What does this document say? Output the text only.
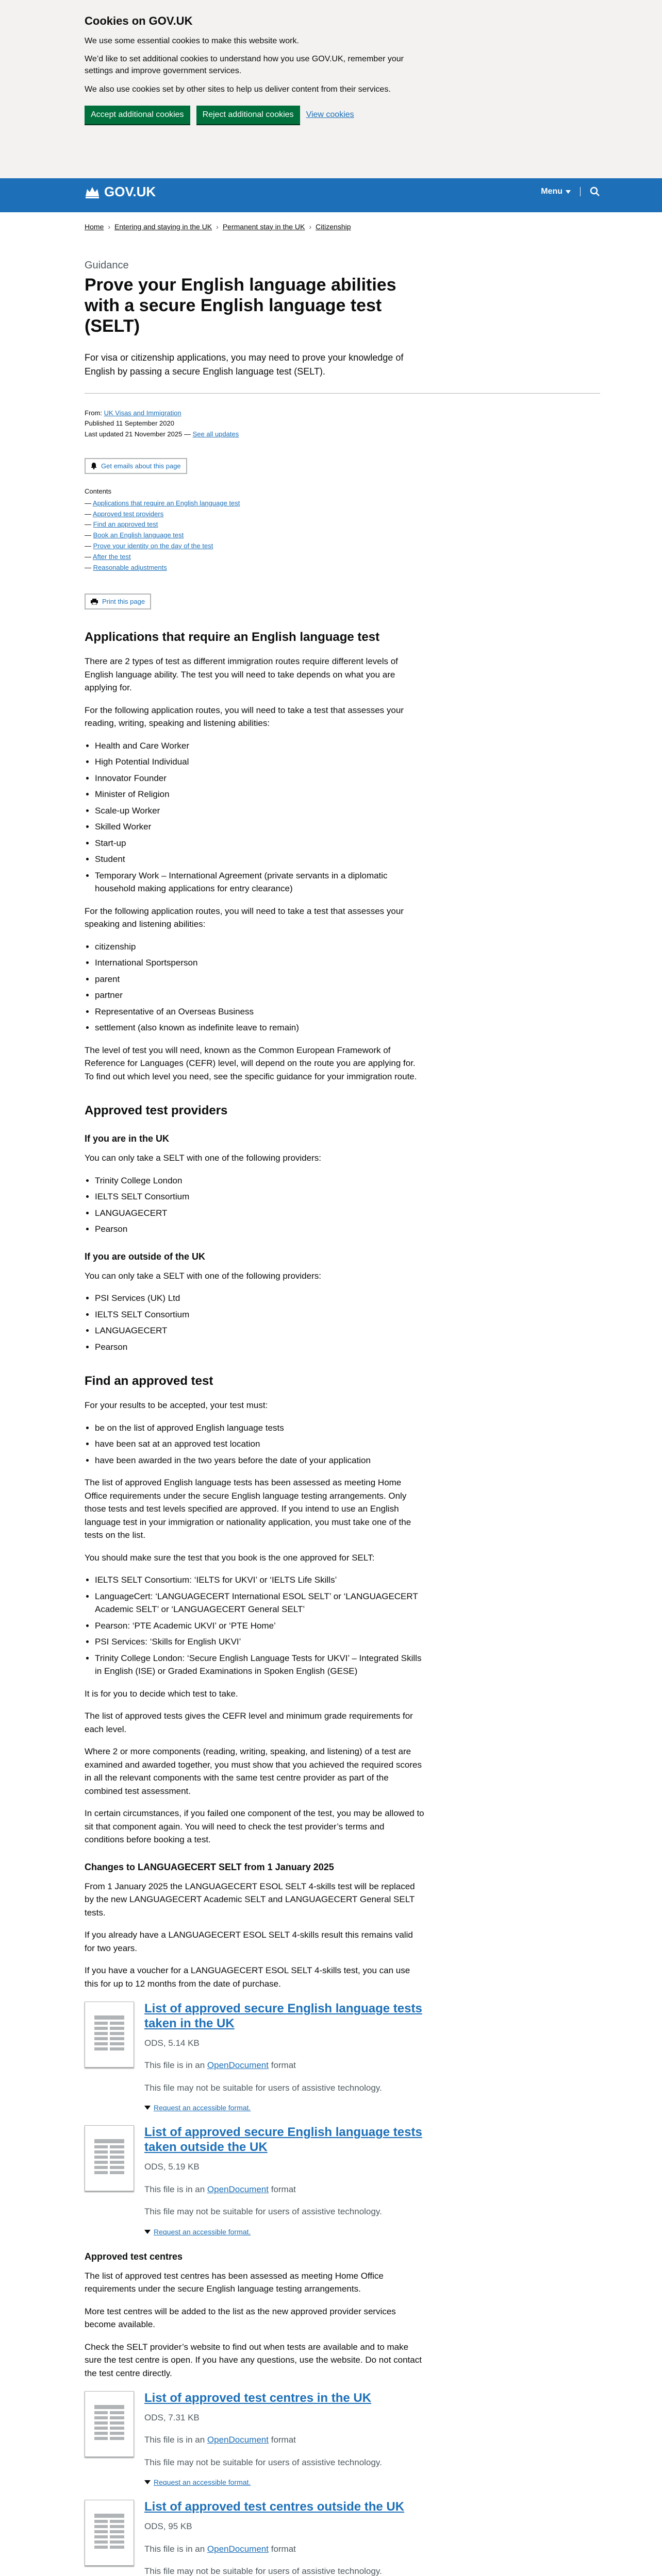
Cookies on GOV.UK

We use some essential cookies to make this website work.

We’d like to set additional cookies to understand how you use GOV.UK, remember your settings and improve government services.

We also use cookies set by other sites to help us deliver content from their services.

Accept additional cookies	Reject additional cookies	View cookies
GOV.UK	Menu
Home › Entering and staying in the UK › Permanent stay in the UK › Citizenship
Guidance
Prove your English language abilities with a secure English language test (SELT)

For visa or citizenship applications, you may need to prove your knowledge of English by passing a secure English language test (SELT).

From: UK Visas and Immigration
Published 11 September 2020
Last updated 21 November 2025 — See all updates
Get emails about this page
Contents
— Applications that require an English language test
— Approved test providers
— Find an approved test
— Book an English language test
— Prove your identity on the day of the test
— After the test
— Reasonable adjustments
Print this page
Applications that require an English language test

There are 2 types of test as different immigration routes require different levels of English language ability. The test you will need to take depends on what you are applying for.

For the following application routes, you will need to take a test that assesses your reading, writing, speaking and listening abilities:

• Health and Care Worker
• High Potential Individual
• Innovator Founder
• Minister of Religion
• Scale-up Worker
• Skilled Worker
• Start-up
• Student
• Temporary Work – International Agreement (private servants in a diplomatic household making applications for entry clearance)

For the following application routes, you will need to take a test that assesses your speaking and listening abilities:

• citizenship
• International Sportsperson
• parent
• partner
• Representative of an Overseas Business
• settlement (also known as indefinite leave to remain)

The level of test you will need, known as the Common European Framework of Reference for Languages (CEFR) level, will depend on the route you are applying for. To find out which level you need, see the specific guidance for your immigration route.

Approved test providers
If you are in the UK

You can only take a SELT with one of the following providers:

• Trinity College London
• IELTS SELT Consortium
• LANGUAGECERT
• Pearson
If you are outside of the UK

You can only take a SELT with one of the following providers:

• PSI Services (UK) Ltd
• IELTS SELT Consortium
• LANGUAGECERT
• Pearson
Find an approved test

For your results to be accepted, your test must:

• be on the list of approved English language tests
• have been sat at an approved test location
• have been awarded in the two years before the date of your application

The list of approved English language tests has been assessed as meeting Home Office requirements under the secure English language testing arrangements. Only those tests and test levels specified are approved. If you intend to use an English language test in your immigration or nationality application, you must take one of the tests on the list.

You should make sure the test that you book is the one approved for SELT:

• IELTS SELT Consortium: ‘IELTS for UKVI’ or ‘IELTS Life Skills’
• LanguageCert: ‘LANGUAGECERT International ESOL SELT’ or ‘LANGUAGECERT Academic SELT’ or ‘LANGUAGECERT General SELT’
• Pearson: ‘PTE Academic UKVI’ or ‘PTE Home’
• PSI Services: ‘Skills for English UKVI’
• Trinity College London: ‘Secure English Language Tests for UKVI’ – Integrated Skills in English (ISE) or Graded Examinations in Spoken English (GESE)

It is for you to decide which test to take.

The list of approved tests gives the CEFR level and minimum grade requirements for each level.

Where 2 or more components (reading, writing, speaking, and listening) of a test are examined and awarded together, you must show that you achieved the required scores in all the relevant components with the same test centre provider as part of the combined test assessment.

In certain circumstances, if you failed one component of the test, you may be allowed to sit that component again. You will need to check the test provider’s terms and conditions before booking a test.

Changes to LANGUAGECERT SELT from 1 January 2025

From 1 January 2025 the LANGUAGECERT ESOL SELT 4-skills test will be replaced by the new LANGUAGECERT Academic SELT and LANGUAGECERT General SELT tests.

If you already have a LANGUAGECERT ESOL SELT 4-skills result this remains valid for two years.

If you have a voucher for a LANGUAGECERT ESOL SELT 4-skills test, you can use this for up to 12 months from the date of purchase.

List of approved secure English language tests taken in the UK

ODS, 5.14 KB

This file is in an OpenDocument format

This file may not be suitable for users of assistive technology.

Request an accessible format.
List of approved secure English language tests taken outside the UK

ODS, 5.19 KB

This file is in an OpenDocument format

This file may not be suitable for users of assistive technology.

Request an accessible format.
Approved test centres

The list of approved test centres has been assessed as meeting Home Office requirements under the secure English language testing arrangements.

More test centres will be added to the list as the new approved provider services become available.

Check the SELT provider’s website to find out when tests are available and to make sure the test centre is open. If you have any questions, use the website. Do not contact the test centre directly.

List of approved test centres in the UK

ODS, 7.31 KB

This file is in an OpenDocument format

This file may not be suitable for users of assistive technology.

Request an accessible format.
List of approved test centres outside the UK

ODS, 95 KB

This file is in an OpenDocument format

This file may not be suitable for users of assistive technology.
